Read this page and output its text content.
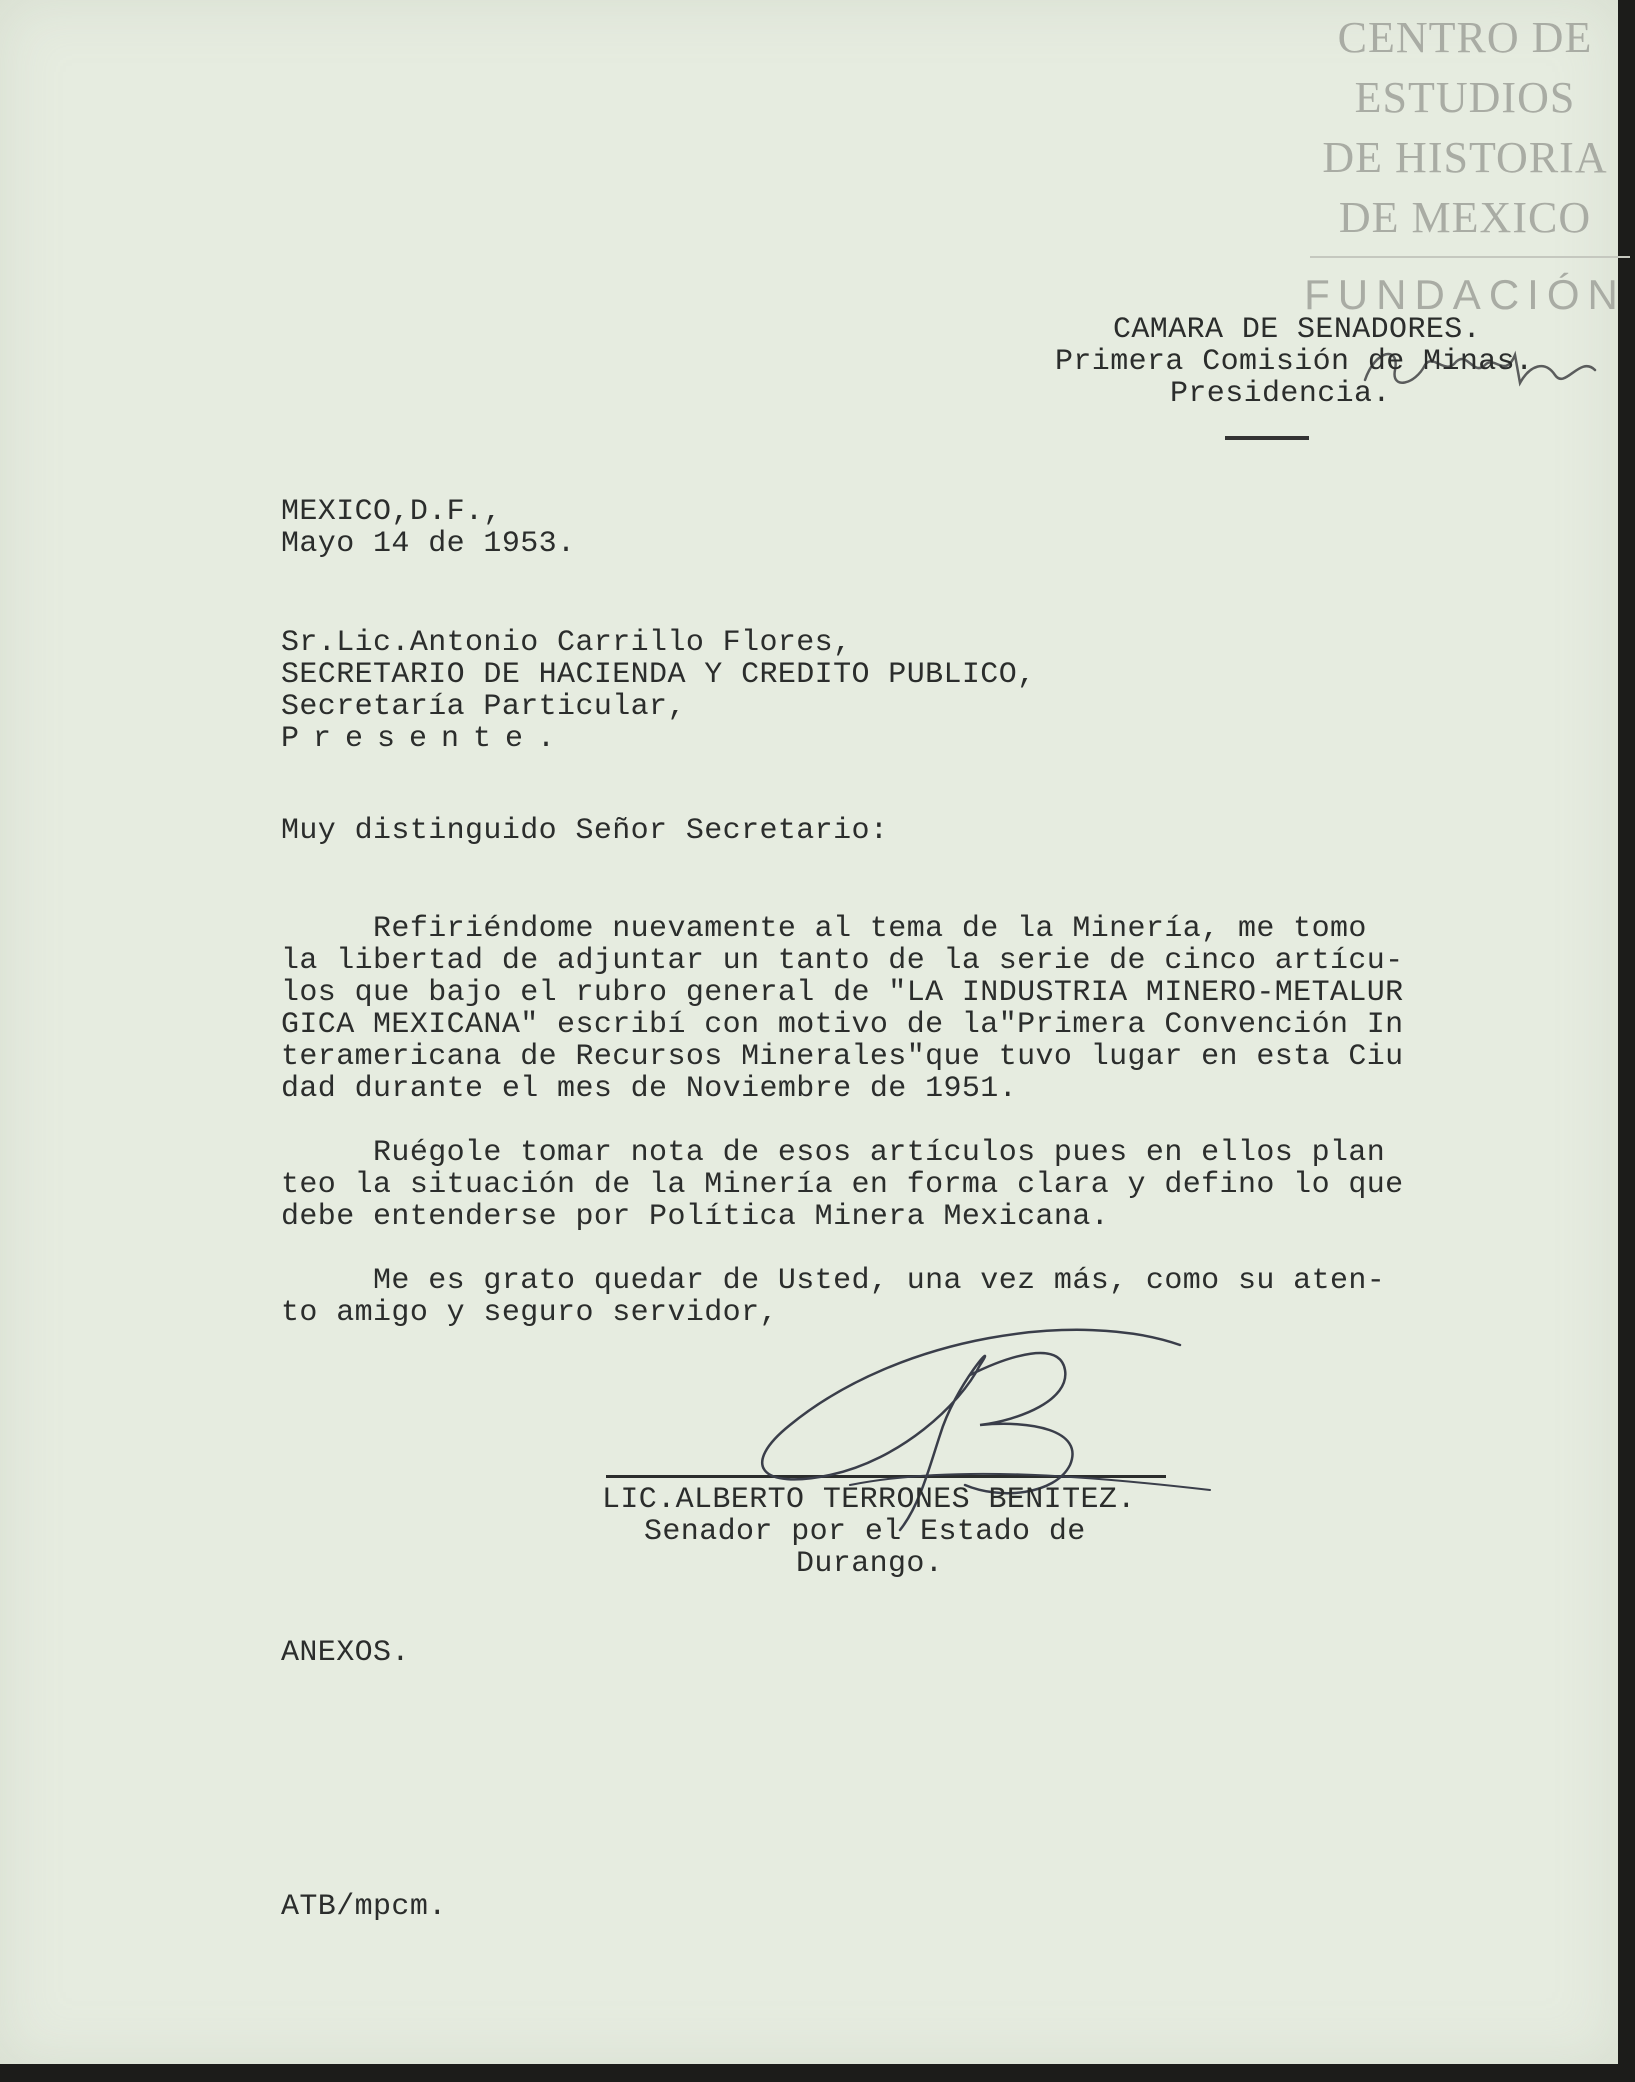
CENTRO DE
ESTUDIOS
DE HISTORIA
DE MEXICO
FUNDACIÓN
CAMARA DE SENADORES.
Primera Comisión de Minas.
Presidencia.
MEXICO,D.F.,
Mayo 14 de 1953.
Sr.Lic.Antonio Carrillo Flores,
SECRETARIO DE HACIENDA Y CREDITO PUBLICO,
Secretaría Particular,
Presente.
Muy distinguido Señor Secretario:
Refiriéndome nuevamente al tema de la Minería, me tomo
la libertad de adjuntar un tanto de la serie de cinco artícu-
los que bajo el rubro general de "LA INDUSTRIA MINERO-METALUR
GICA MEXICANA" escribí con motivo de la"Primera Convención In
teramericana de Recursos Minerales"que tuvo lugar en esta Ciu
dad durante el mes de Noviembre de 1951.
Ruégole tomar nota de esos artículos pues en ellos plan
teo la situación de la Minería en forma clara y defino lo que
debe entenderse por Política Minera Mexicana.
Me es grato quedar de Usted, una vez más, como su aten-
to amigo y seguro servidor,
LIC.ALBERTO TERRONES BENITEZ.
Senador por el Estado de
Durango.
ANEXOS.
ATB/mpcm.
